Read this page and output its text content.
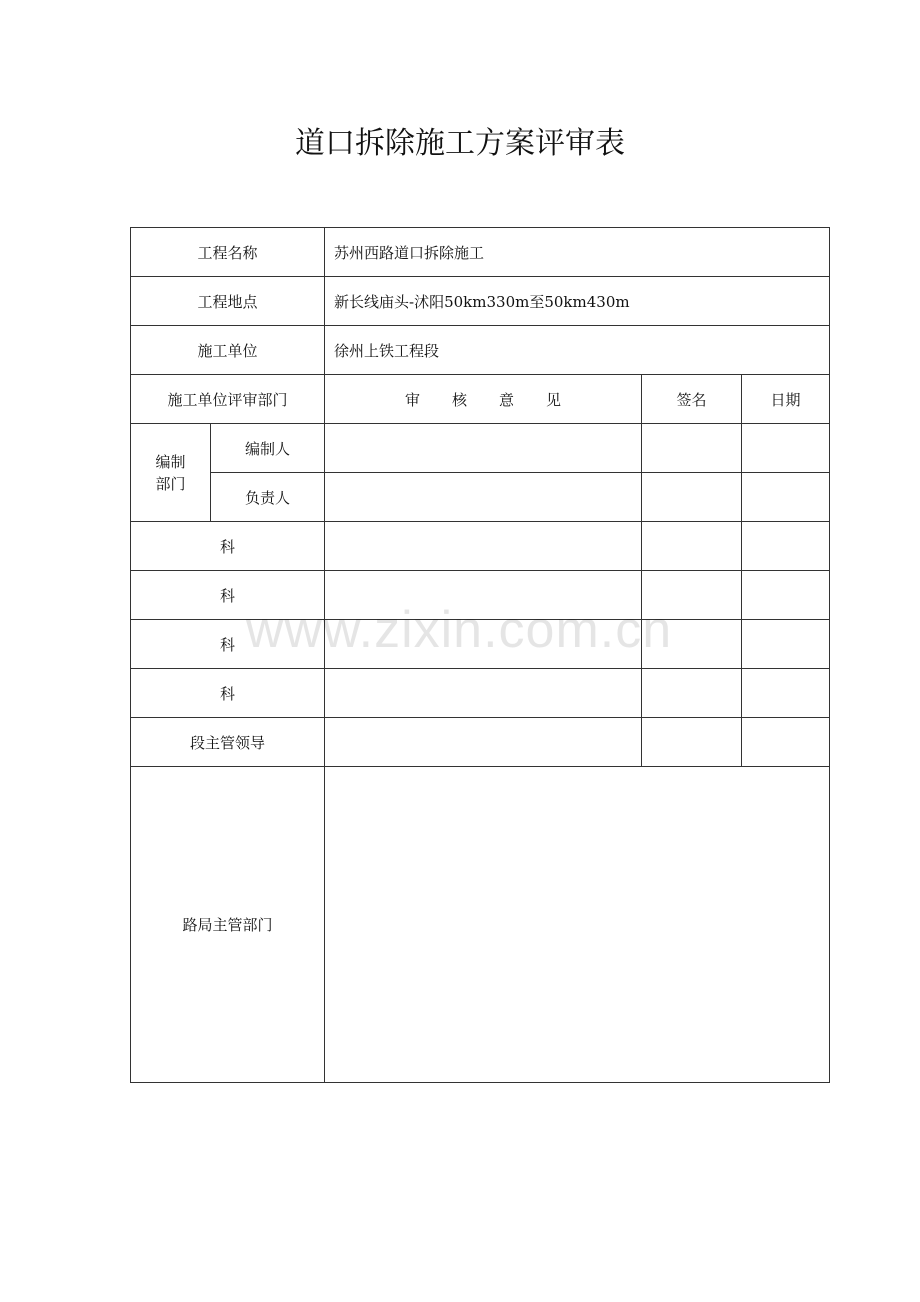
道口拆除施工方案评审表
工程名称		苏州西路道口拆除施工		
工程地点		新长线庙头-沭阳50km330m至50km430m		
施工单位		徐州上铁工程段		
施工单位评审部门		审 核 意 见	签名	日期

编制部门	编制人			
	负责人			
科				
科				
科				
科				
段主管领导				
路局主管部门				
www.zixin.com.cn
